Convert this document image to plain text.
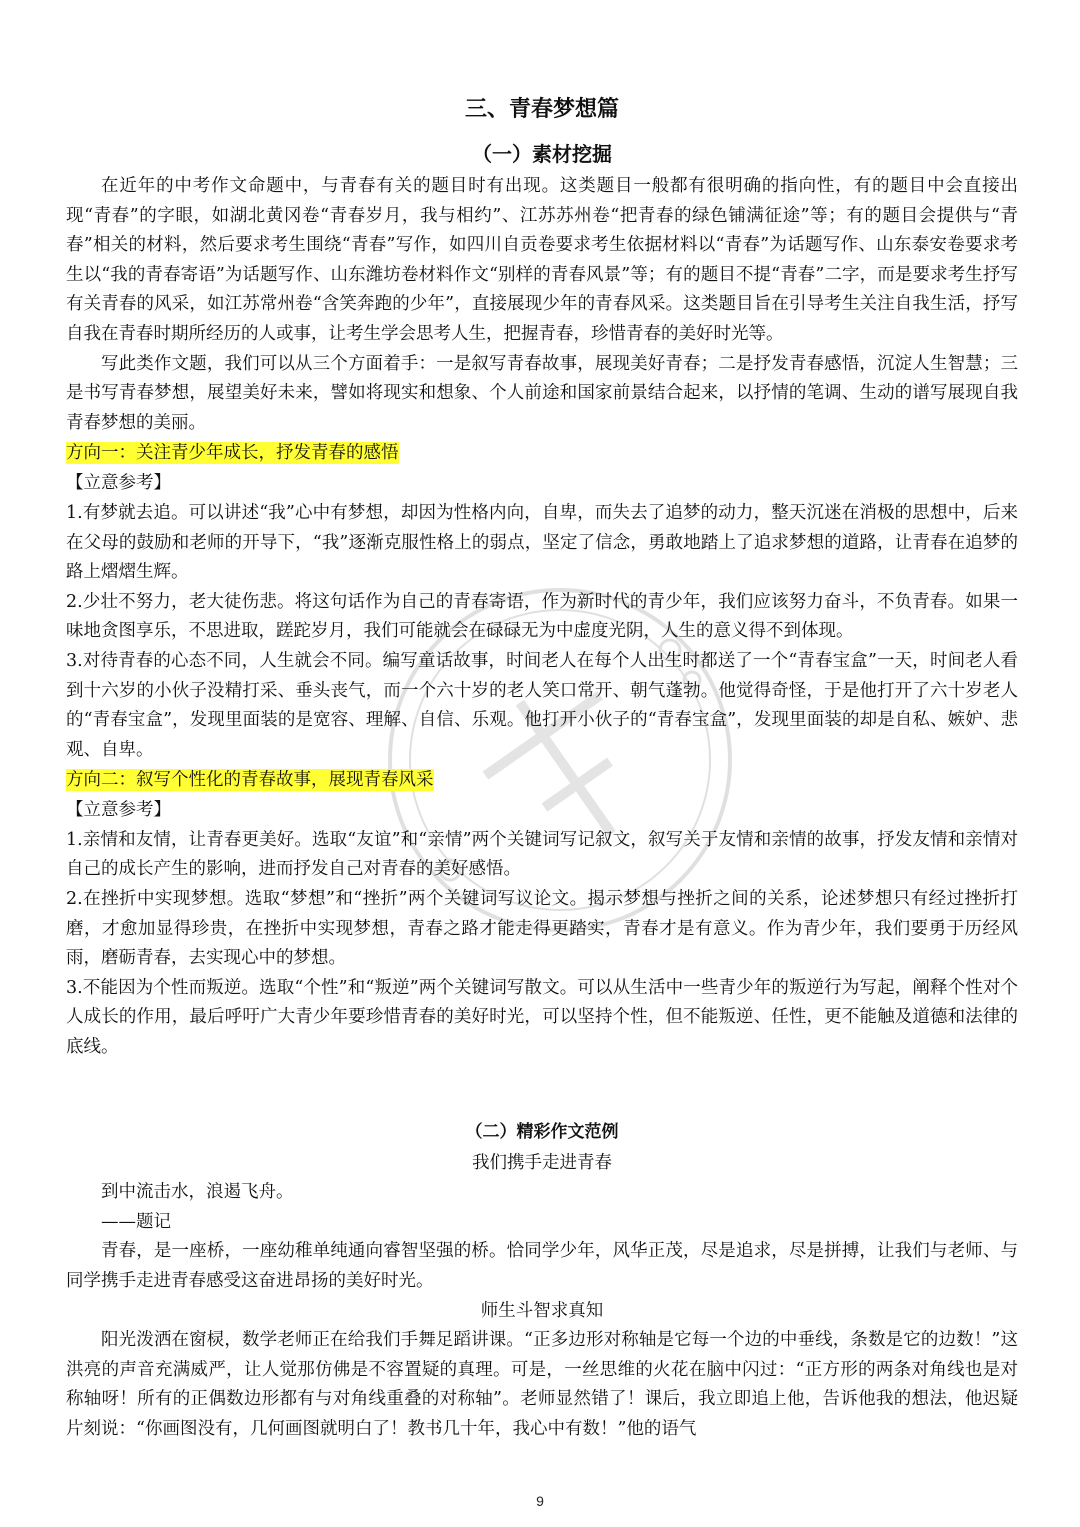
三、青春梦想篇
（一）素材挖掘

在近年的中考作文命题中，与青春有关的题目时有出现。这类题目一般都有很明确的指向性，有的题目中会直接出现“青春”的字眼，如湖北黄冈卷“青春岁月，我与相约”、江苏苏州卷“把青春的绿色铺满征途”等；有的题目会提供与“青春”相关的材料，然后要求考生围绕“青春”写作，如四川自贡卷要求考生依据材料以“青春”为话题写作、山东泰安卷要求考生以“我的青春寄语”为话题写作、山东潍坊卷材料作文“别样的青春风景”等；有的题目不提“青春”二字，而是要求考生抒写有关青春的风采，如江苏常州卷“含笑奔跑的少年”，直接展现少年的青春风采。这类题目旨在引导考生关注自我生活，抒写自我在青春时期所经历的人或事，让考生学会思考人生，把握青春，珍惜青春的美好时光等。

写此类作文题，我们可以从三个方面着手：一是叙写青春故事，展现美好青春；二是抒发青春感悟，沉淀人生智慧；三是书写青春梦想，展望美好未来，譬如将现实和想象、个人前途和国家前景结合起来，以抒情的笔调、生动的谱写展现自我青春梦想的美丽。

方向一：关注青少年成长，抒发青春的感悟

【立意参考】

1.有梦就去追。可以讲述“我”心中有梦想，却因为性格内向，自卑，而失去了追梦的动力，整天沉迷在消极的思想中，后来在父母的鼓励和老师的开导下，“我”逐渐克服性格上的弱点，坚定了信念，勇敢地踏上了追求梦想的道路，让青春在追梦的路上熠熠生辉。

2.少壮不努力，老大徒伤悲。将这句话作为自己的青春寄语，作为新时代的青少年，我们应该努力奋斗，不负青春。如果一味地贪图享乐，不思进取，蹉跎岁月，我们可能就会在碌碌无为中虚度光阴，人生的意义得不到体现。

3.对待青春的心态不同，人生就会不同。编写童话故事，时间老人在每个人出生时都送了一个“青春宝盒”一天，时间老人看到十六岁的小伙子没精打采、垂头丧气，而一个六十岁的老人笑口常开、朝气蓬勃。他觉得奇怪，于是他打开了六十岁老人的“青春宝盒”，发现里面装的是宽容、理解、自信、乐观。他打开小伙子的“青春宝盒”，发现里面装的却是自私、嫉妒、悲观、自卑。

方向二：叙写个性化的青春故事，展现青春风采

【立意参考】

1.亲情和友情，让青春更美好。选取“友谊”和“亲情”两个关键词写记叙文，叙写关于友情和亲情的故事，抒发友情和亲情对自己的成长产生的影响，进而抒发自己对青春的美好感悟。

2.在挫折中实现梦想。选取“梦想”和“挫折”两个关键词写议论文。揭示梦想与挫折之间的关系，论述梦想只有经过挫折打磨，才愈加显得珍贵，在挫折中实现梦想，青春之路才能走得更踏实，青春才是有意义。作为青少年，我们要勇于历经风雨，磨砺青春，去实现心中的梦想。

3.不能因为个性而叛逆。选取“个性”和“叛逆”两个关键词写散文。可以从生活中一些青少年的叛逆行为写起，阐释个性对个人成长的作用，最后呼吁广大青少年要珍惜青春的美好时光，可以坚持个性，但不能叛逆、任性，更不能触及道德和法律的底线。

（二）精彩作文范例

我们携手走进青春

到中流击水，浪遏飞舟。

——题记

青春，是一座桥，一座幼稚单纯通向睿智坚强的桥。恰同学少年，风华正茂，尽是追求，尽是拼搏，让我们与老师、与同学携手走进青春感受这奋进昂扬的美好时光。

师生斗智求真知

阳光泼洒在窗棂，数学老师正在给我们手舞足蹈讲课。“正多边形对称轴是它每一个边的中垂线，条数是它的边数！”这洪亮的声音充满威严，让人觉那仿佛是不容置疑的真理。可是，一丝思维的火花在脑中闪过：“正方形的两条对角线也是对称轴呀！所有的正偶数边形都有与对角线重叠的对称轴”。老师显然错了！课后，我立即追上他，告诉他我的想法，他迟疑片刻说：“你画图没有，几何画图就明白了！教书几十年，我心中有数！”他的语气

9
